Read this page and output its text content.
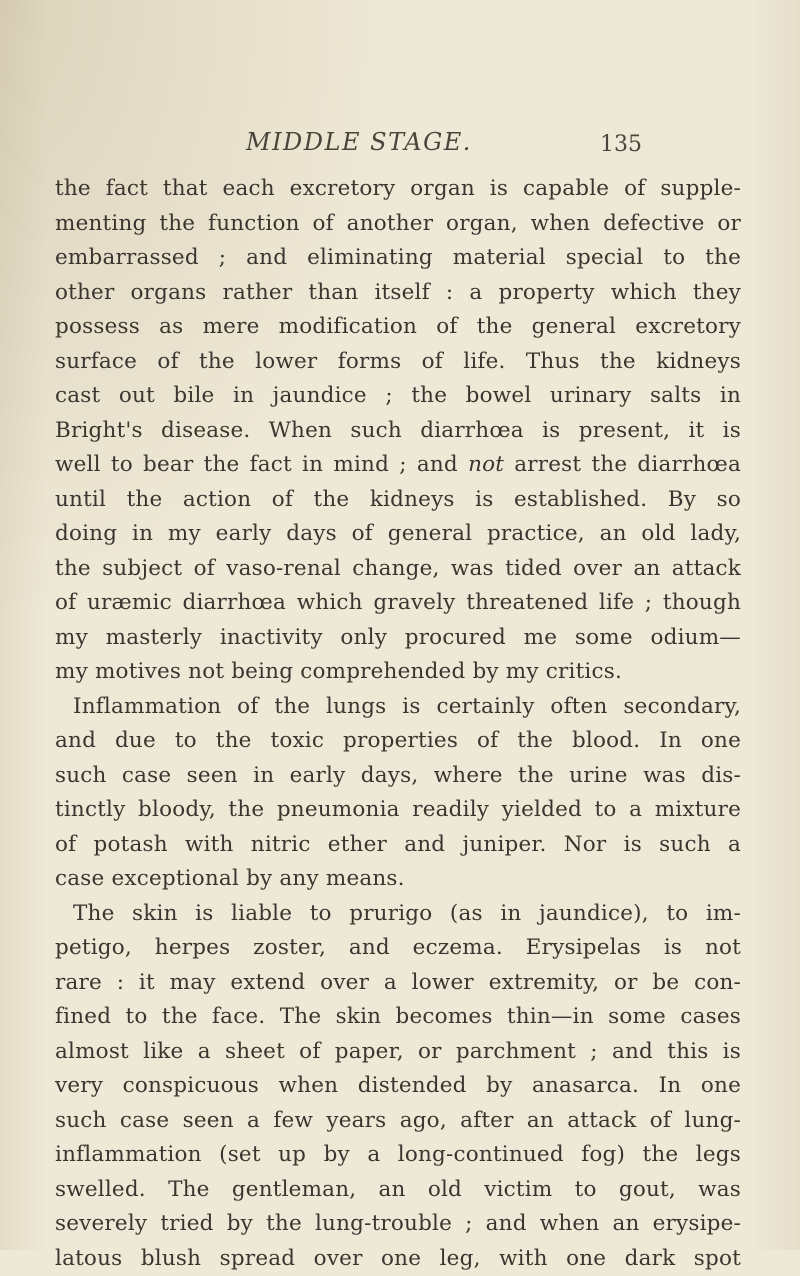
MIDDLE STAGE.	135
the fact that each excretory organ is capable of supple-
menting the function of another organ, when defective or
embarrassed ; and eliminating material special to the
other organs rather than itself : a property which they
possess as mere modification of the general excretory
surface of the lower forms of life. Thus the kidneys
cast out bile in jaundice ; the bowel urinary salts in
Bright's disease. When such diarrhœa is present, it is
well to bear the fact in mind ; and not arrest the diarrhœa
until the action of the kidneys is established. By so
doing in my early days of general practice, an old lady,
the subject of vaso-renal change, was tided over an attack
of uræmic diarrhœa which gravely threatened life ; though
my masterly inactivity only procured me some odium—
my motives not being comprehended by my critics.
Inflammation of the lungs is certainly often secondary,
and due to the toxic properties of the blood. In one
such case seen in early days, where the urine was dis-
tinctly bloody, the pneumonia readily yielded to a mixture
of potash with nitric ether and juniper. Nor is such a
case exceptional by any means.
The skin is liable to prurigo (as in jaundice), to im-
petigo, herpes zoster, and eczema. Erysipelas is not
rare : it may extend over a lower extremity, or be con-
fined to the face. The skin becomes thin—in some cases
almost like a sheet of paper, or parchment ; and this is
very conspicuous when distended by anasarca. In one
such case seen a few years ago, after an attack of lung-
inflammation (set up by a long-continued fog) the legs
swelled. The gentleman, an old victim to gout, was
severely tried by the lung-trouble ; and when an erysipe-
latous blush spread over one leg, with one dark spot
